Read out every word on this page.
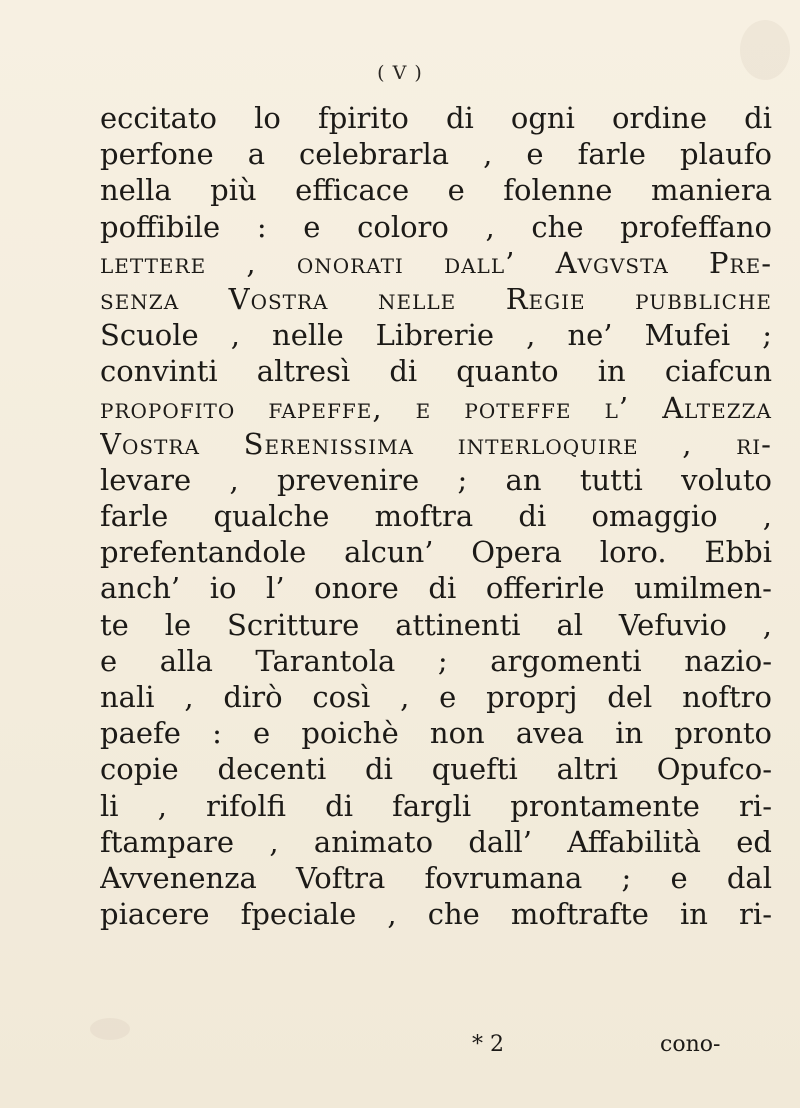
( V )
eccitato lo fpirito di ogni ordine di
perfone a celebrarla , e farle plaufo
nella più efficace e folenne maniera
poffibile : e coloro , che profeffano
lettere , onorati dall’ Avgvsta Pre-
senza Vostra nelle Regie pubbliche
Scuole , nelle Librerie , ne’ Mufei ;
convinti altresì di quanto in ciafcun
propofito fapeffe, e poteffe l’ Altezza
Vostra Serenissima interloquire , ri-
levare , prevenire ; an tutti voluto
farle qualche moftra di omaggio ,
prefentandole alcun’ Opera loro. Ebbi
anch’ io l’ onore di offerirle umilmen-
te le Scritture attinenti al Vefuvio ,
e alla Tarantola ; argomenti nazio-
nali , dirò così , e proprj del noftro
paefe : e poichè non avea in pronto
copie decenti di quefti altri Opufco-
li , rifolfi di fargli prontamente ri-
ftampare , animato dall’ Affabilità ed
Avvenenza Voftra fovrumana ; e dal
piacere fpeciale , che moftrafte in ri-
* 2	cono-
